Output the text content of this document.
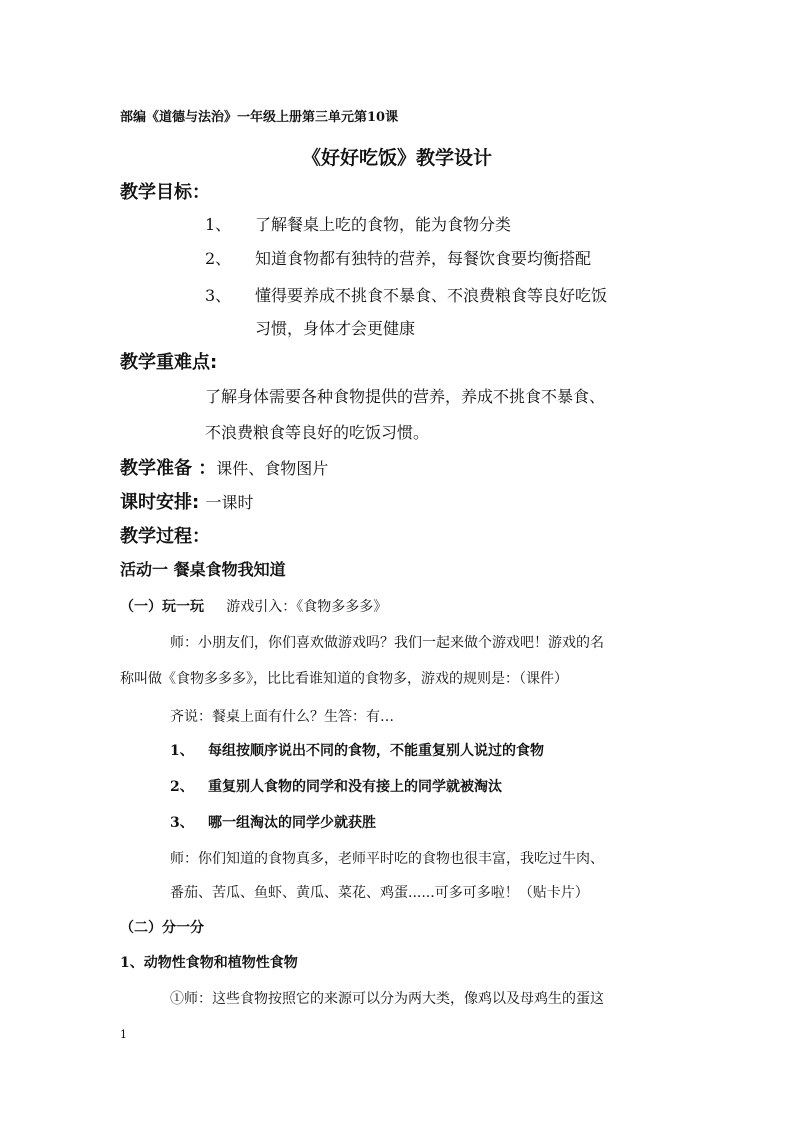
部编《道德与法治》一年级上册第三单元第10课
《好好吃饭》教学设计
教学目标：
1、 了解餐桌上吃的食物，能为食物分类
2、 知道食物都有独特的营养，每餐饮食要均衡搭配
3、 懂得要养成不挑食不暴食、不浪费粮食等良好吃饭
习惯，身体才会更健康
教学重难点:
了解身体需要各种食物提供的营养，养成不挑食不暴食、
不浪费粮食等良好的吃饭习惯。
教学准备 ：课件、食物图片
课时安排: 一课时
教学过程：
活动一 餐桌食物我知道
（一）玩一玩 游戏引入：《食物多多多》
师：小朋友们，你们喜欢做游戏吗？我们一起来做个游戏吧！游戏的名
称叫做《食物多多多》，比比看谁知道的食物多，游戏的规则是：（课件）
齐说：餐桌上面有什么？生答：有…
1、 每组按顺序说出不同的食物，不能重复别人说过的食物
2、 重复别人食物的同学和没有接上的同学就被淘汰
3、 哪一组淘汰的同学少就获胜
师：你们知道的食物真多，老师平时吃的食物也很丰富，我吃过牛肉、
番茄、苦瓜、鱼虾、黄瓜、菜花、鸡蛋......可多可多啦！（贴卡片）
（二）分一分
1、动物性食物和植物性食物
①师：这些食物按照它的来源可以分为两大类，像鸡以及母鸡生的蛋这
1
